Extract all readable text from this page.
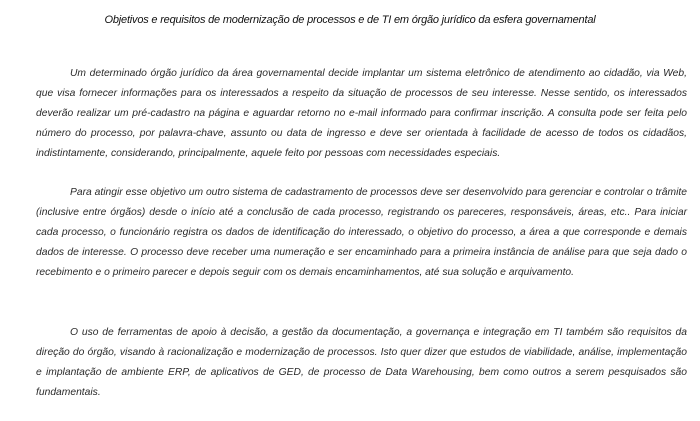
Objetivos e requisitos de modernização de processos e de TI em órgão jurídico da esfera governamental

Um determinado órgão jurídico da área governamental decide implantar um sistema eletrônico de atendimento ao cidadão, via Web, que visa fornecer informações para os interessados a respeito da situação de processos de seu interesse. Nesse sentido, os interessados deverão realizar um pré-cadastro na página e aguardar retorno no e-mail informado para confirmar inscrição. A consulta pode ser feita pelo número do processo, por palavra-chave, assunto ou data de ingresso e deve ser orientada à facilidade de acesso de todos os cidadãos, indistintamente, considerando, principalmente, aquele feito por pessoas com necessidades especiais.

Para atingir esse objetivo um outro sistema de cadastramento de processos deve ser desenvolvido para gerenciar e controlar o trâmite (inclusive entre órgãos) desde o início até a conclusão de cada processo, registrando os pareceres, responsáveis, áreas, etc.. Para iniciar cada processo, o funcionário registra os dados de identificação do interessado, o objetivo do processo, a área a que corresponde e demais dados de interesse. O processo deve receber uma numeração e ser encaminhado para a primeira instância de análise para que seja dado o recebimento e o primeiro parecer e depois seguir com os demais encaminhamentos, até sua solução e arquivamento.

O uso de ferramentas de apoio à decisão, a gestão da documentação, a governança e integração em TI também são requisitos da direção do órgão, visando à racionalização e modernização de processos. Isto quer dizer que estudos de viabilidade, análise, implementação e implantação de ambiente ERP, de aplicativos de GED, de processo de Data Warehousing, bem como outros a serem pesquisados são fundamentais.
